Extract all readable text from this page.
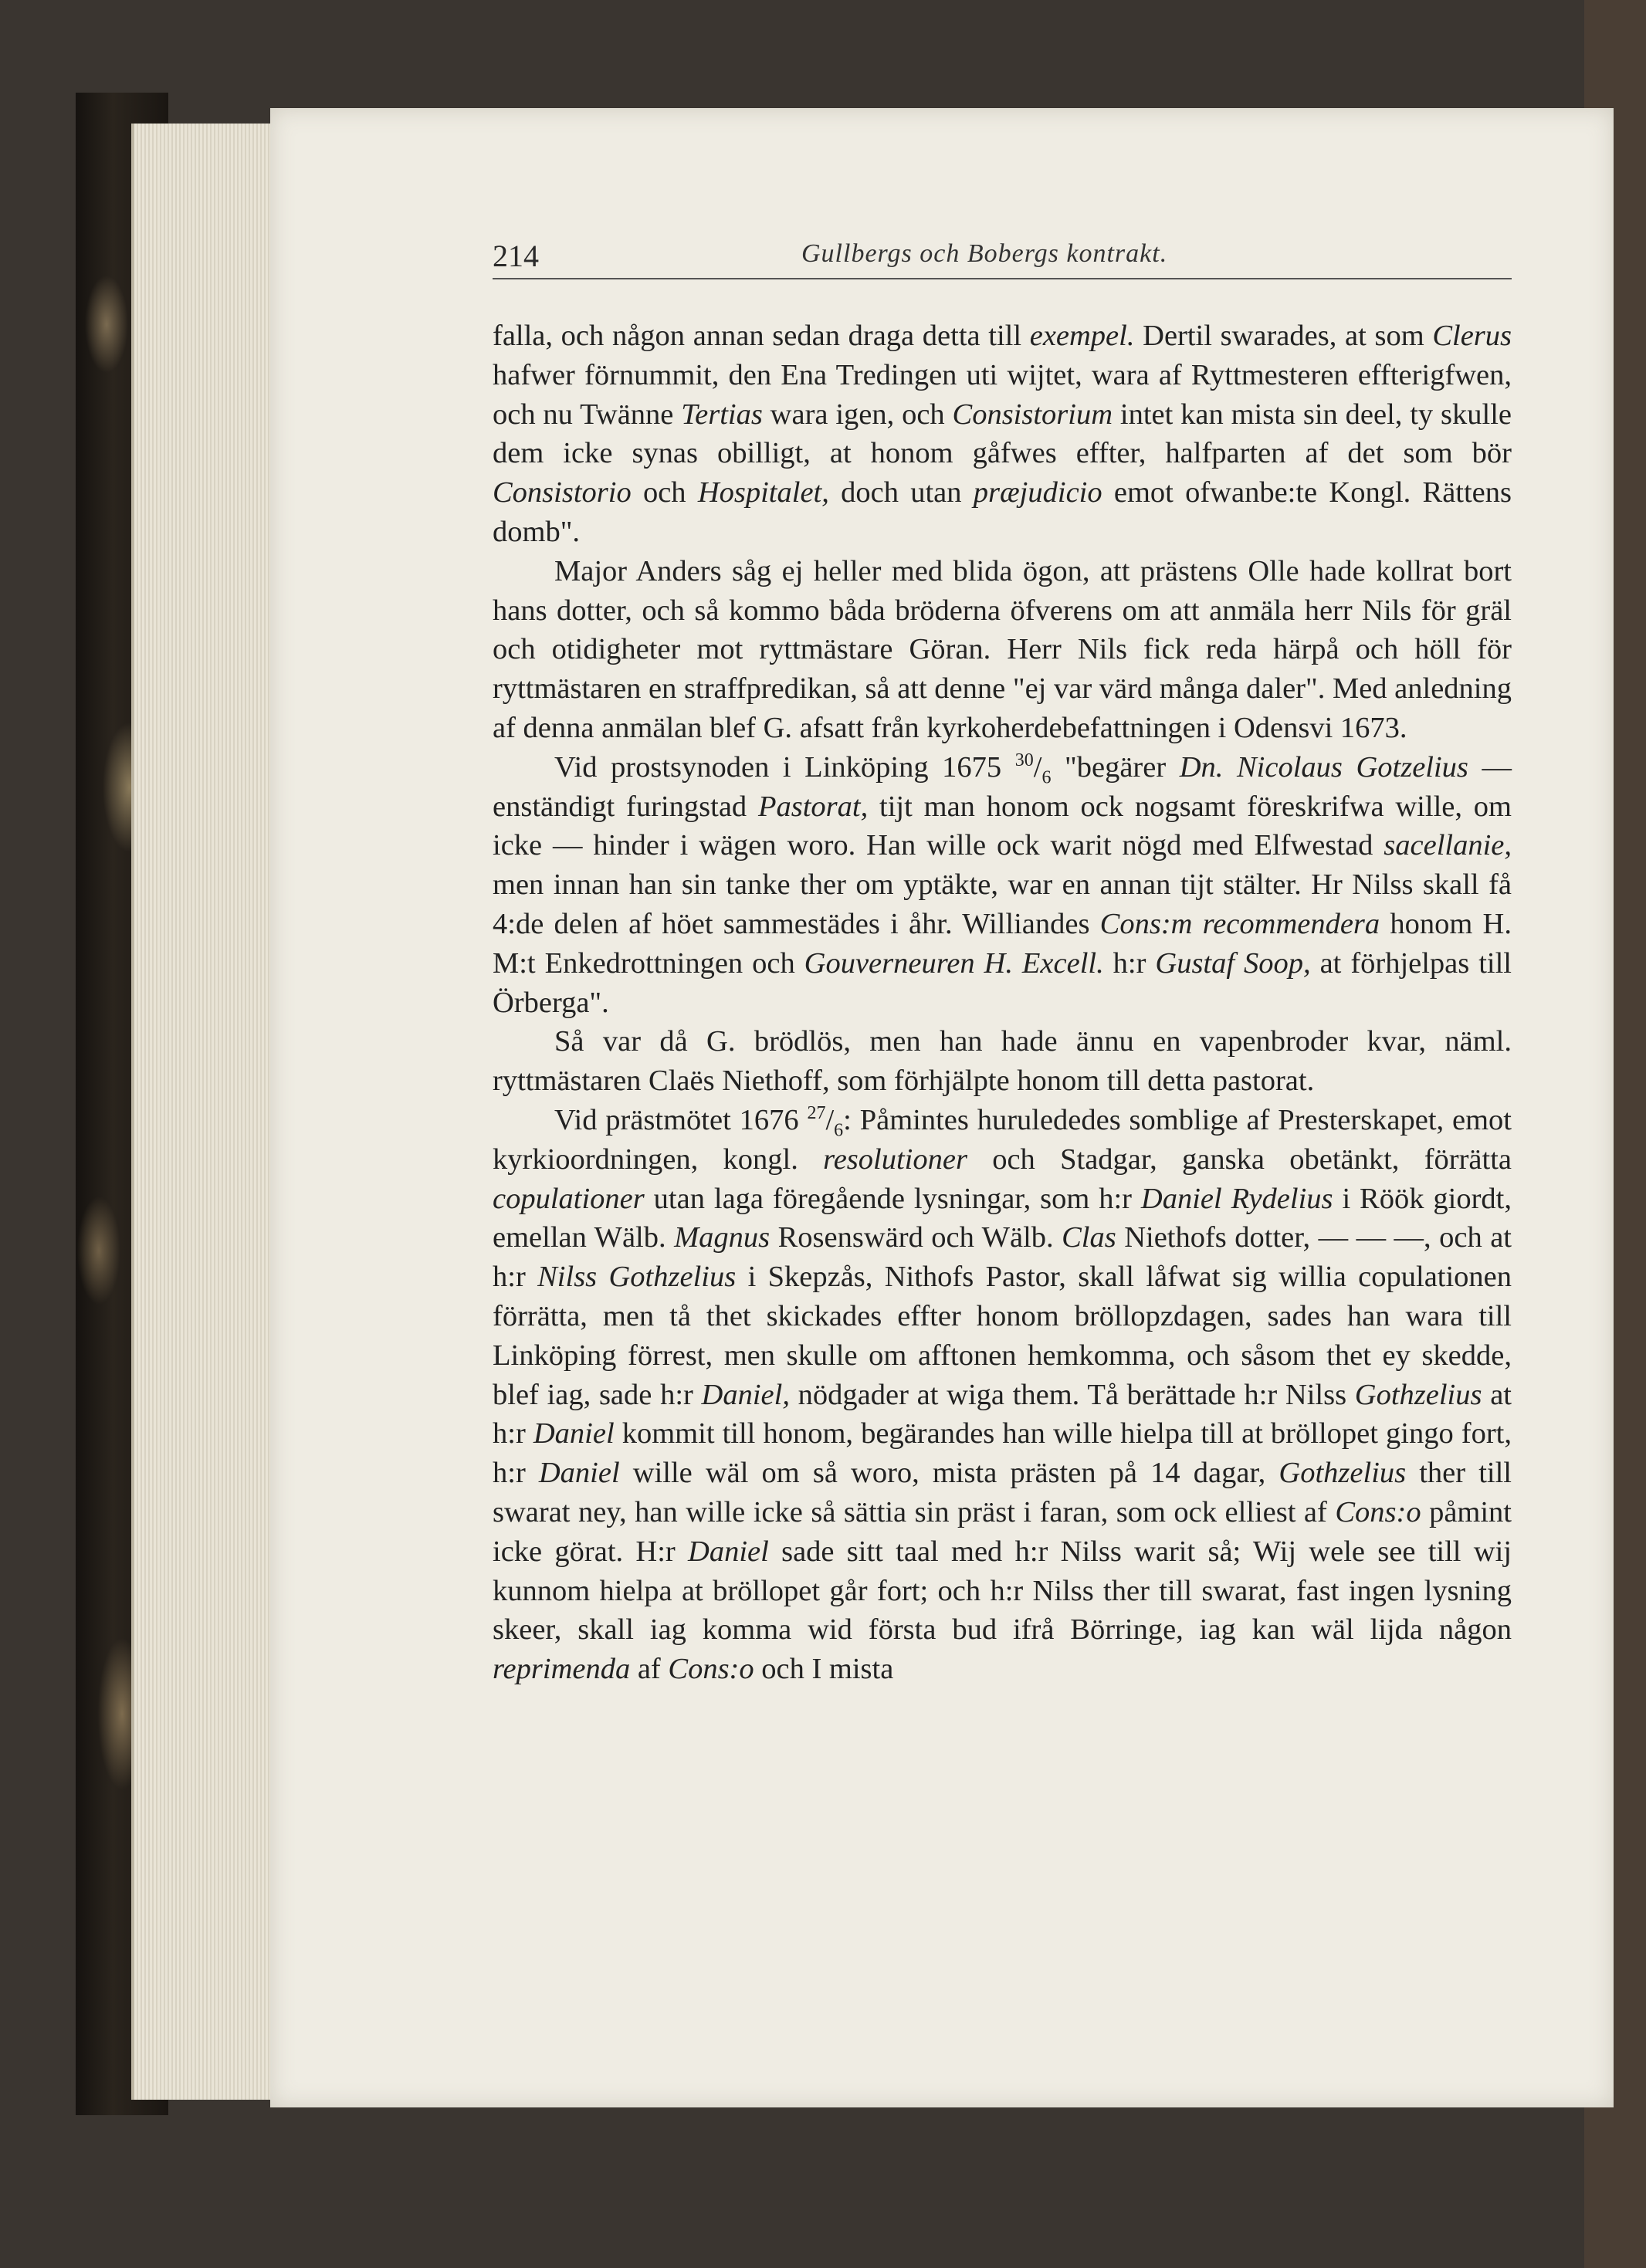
214	Gullbergs och Bobergs kontrakt.

falla, och någon annan sedan draga detta till exempel. Dertil swarades, at som Clerus hafwer förnummit, den Ena Tredingen uti wijtet, wara af Ryttmesteren effterigfwen, och nu Twänne Tertias wara igen, och Consistorium intet kan mista sin deel, ty skulle dem icke synas obilligt, at honom gåfwes effter, halfparten af det som bör Consistorio och Hospitalet, doch utan præjudicio emot ofwanbe:te Kongl. Rättens domb".

Major Anders såg ej heller med blida ögon, att prästens Olle hade kollrat bort hans dotter, och så kommo båda bröderna öfverens om att anmäla herr Nils för gräl och otidigheter mot ryttmästare Göran. Herr Nils fick reda härpå och höll för ryttmästaren en straffpredikan, så att denne "ej var värd många daler". Med anledning af denna anmälan blef G. afsatt från kyrkoherdebefattningen i Odensvi 1673.

Vid prostsynoden i Linköping 1675 $^{30}/_6$ "begärer Dn. Nicolaus Gotzelius — enständigt furingstad Pastorat, tijt man honom ock nogsamt föreskrifwa wille, om icke — hinder i wägen woro. Han wille ock warit nögd med Elfwestad sacellanie, men innan han sin tanke ther om yptäkte, war en annan tijt stälter. Hr Nilss skall få 4:de delen af höet sammestädes i åhr. Williandes Cons:m recommendera honom H. M:t Enkedrottningen och Gouverneuren H. Excell. h:r Gustaf Soop, at förhjelpas till Örberga".

Så var då G. brödlös, men han hade ännu en vapenbroder kvar, näml. ryttmästaren Claës Niethoff, som förhjälpte honom till detta pastorat.

Vid prästmötet 1676 $^{27}/_6$: Påmintes hurulededes somblige af Presterskapet, emot kyrkioordningen, kongl. resolutioner och Stadgar, ganska obetänkt, förrätta copulationer utan laga föregående lysningar, som h:r Daniel Rydelius i Röök giordt, emellan Wälb. Magnus Rosenswärd och Wälb. Clas Niethofs dotter, — — —, och at h:r Nilss Gothzelius i Skepzås, Nithofs Pastor, skall låfwat sig willia copulationen förrätta, men tå thet skickades effter honom bröllopzdagen, sades han wara till Linköping förrest, men skulle om afftonen hemkomma, och såsom thet ey skedde, blef iag, sade h:r Daniel, nödgader at wiga them. Tå berättade h:r Nilss Gothzelius at h:r Daniel kommit till honom, begärandes han wille hielpa till at bröllopet gingo fort, h:r Daniel wille wäl om så woro, mista prästen på 14 dagar, Gothzelius ther till swarat ney, han wille icke så sättia sin präst i faran, som ock elliest af Cons:o påmint icke görat. H:r Daniel sade sitt taal med h:r Nilss warit så; Wij wele see till wij kunnom hielpa at bröllopet går fort; och h:r Nilss ther till swarat, fast ingen lysning skeer, skall iag komma wid första bud ifrå Börringe, iag kan wäl lijda någon reprimenda af Cons:o och I mista
